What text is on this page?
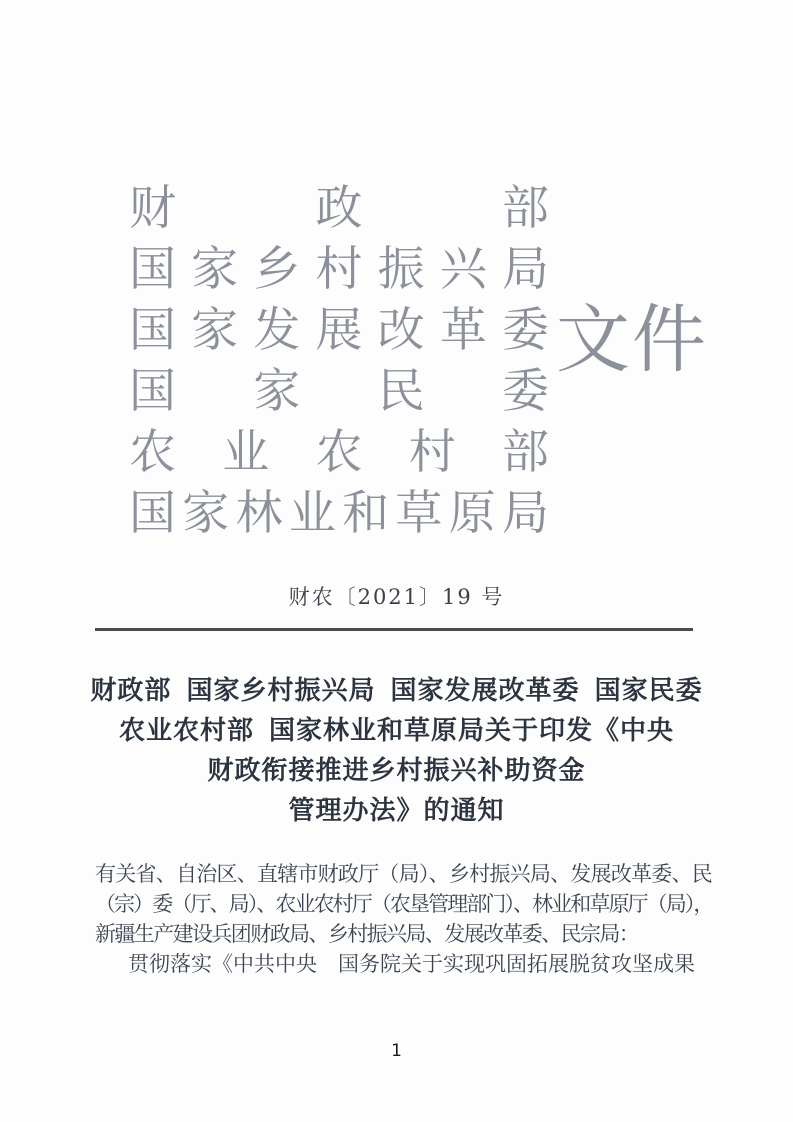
财政部
国家乡村振兴局
国家发展改革委
国家民委
农业农村部
国家林业和草原局
文件
财农〔2021〕19 号
财政部 国家乡村振兴局 国家发展改革委 国家民委
农业农村部 国家林业和草原局关于印发《中央
财政衔接推进乡村振兴补助资金
管理办法》的通知

有关省、自治区、直辖市财政厅（局）、乡村振兴局、发展改革委、民

（宗）委（厅、局）、农业农村厅（农垦管理部门）、林业和草原厅（局），

新疆生产建设兵团财政局、乡村振兴局、发展改革委、民宗局：

贯彻落实《中共中央　国务院关于实现巩固拓展脱贫攻坚成果

1
